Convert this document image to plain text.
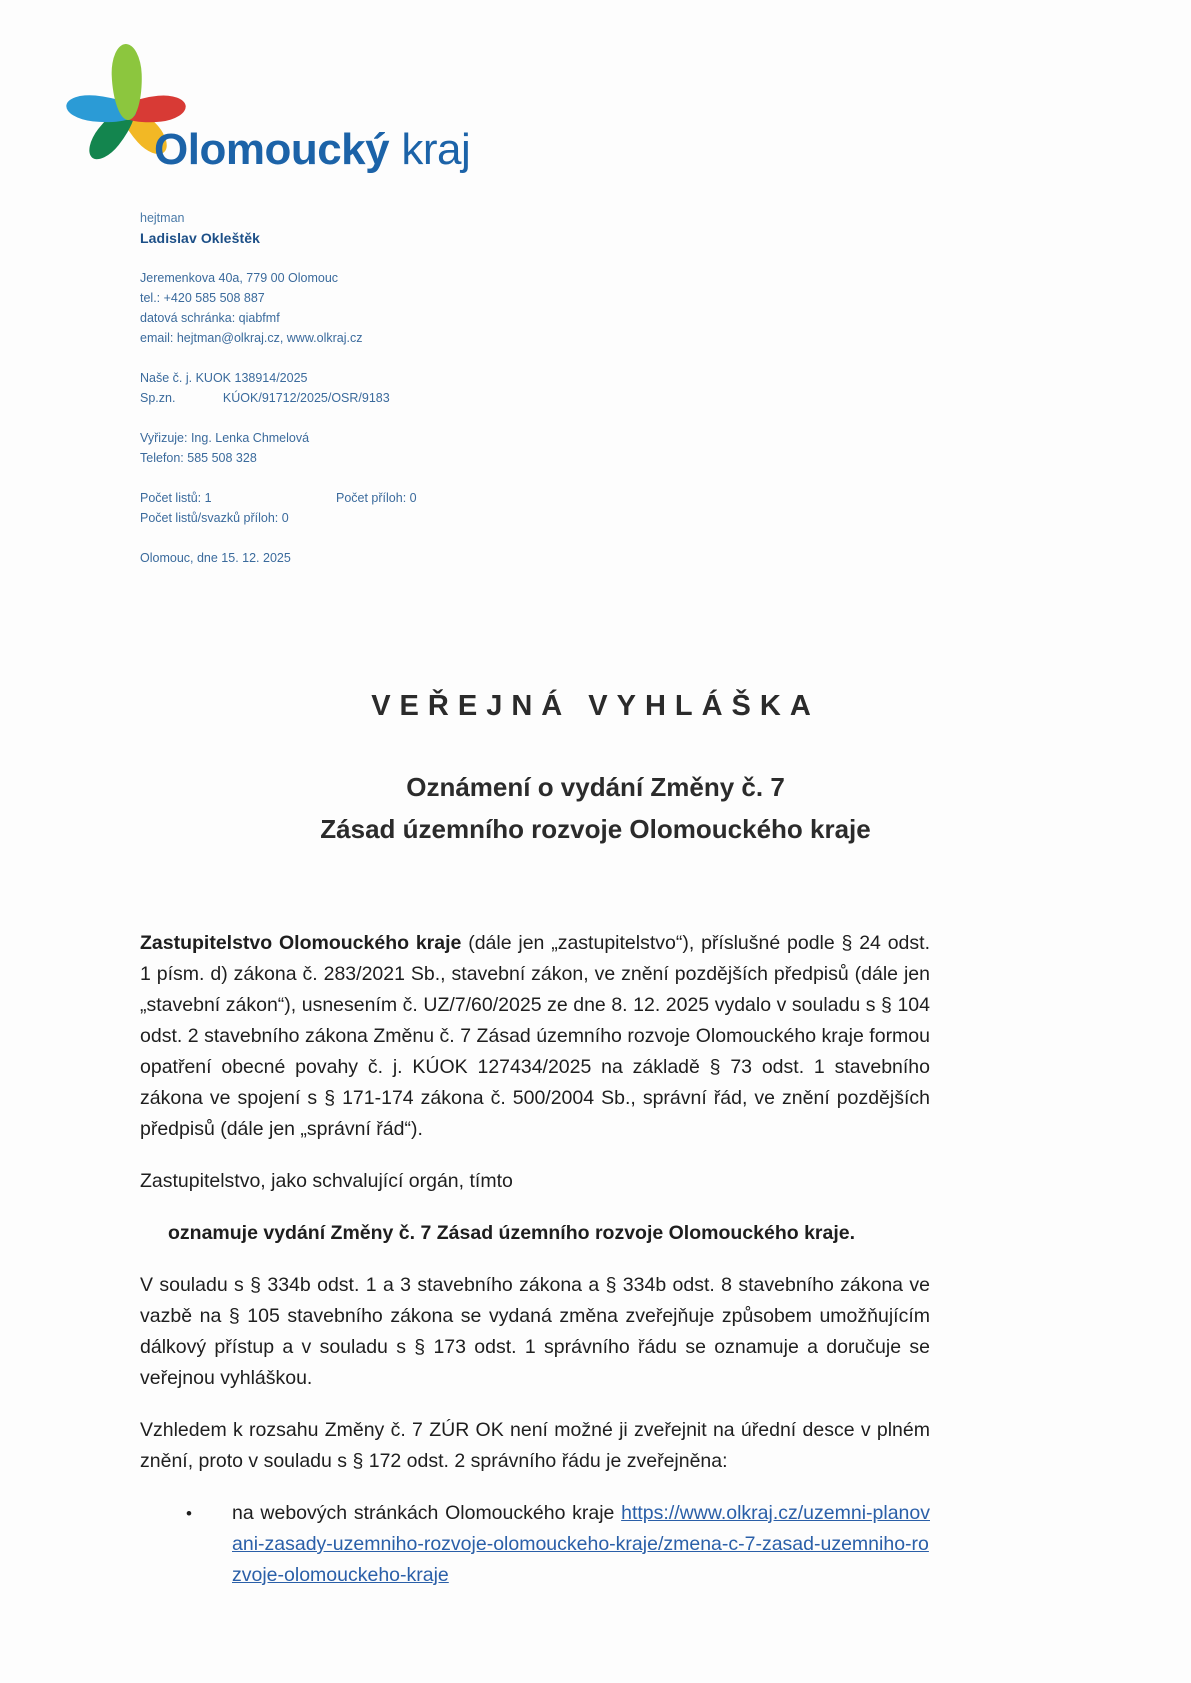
Olomoucký kraj
hejtman
Ladislav Okleštěk
Jeremenkova 40a, 779 00 Olomouc
tel.: +420 585 508 887
datová schránka: qiabfmf
email: hejtman@olkraj.cz, www.olkraj.cz
Naše č. j. KUOK 138914/2025
Sp.zn.	KÚOK/91712/2025/OSR/9183
Vyřizuje: Ing. Lenka Chmelová
Telefon: 585 508 328
Počet listů: 1	Počet příloh: 0
Počet listů/svazků příloh: 0
Olomouc, dne 15. 12. 2025
VEŘEJNÁ VYHLÁŠKA
Oznámení o vydání Změny č. 7
Zásad územního rozvoje Olomouckého kraje

Zastupitelstvo Olomouckého kraje (dále jen „zastupitelstvo“), příslušné podle § 24 odst. 1 písm. d) zákona č. 283/2021 Sb., stavební zákon, ve znění pozdějších předpisů (dále jen „stavební zákon“), usnesením č. UZ/7/60/2025 ze dne 8. 12. 2025 vydalo v souladu s § 104 odst. 2 stavebního zákona Změnu č. 7 Zásad územního rozvoje Olomouckého kraje formou opatření obecné povahy č. j. KÚOK 127434/2025 na základě § 73 odst. 1 stavebního zákona ve spojení s § 171-174 zákona č. 500/2004 Sb., správní řád, ve znění pozdějších předpisů (dále jen „správní řád“).

Zastupitelstvo, jako schvalující orgán, tímto

oznamuje vydání Změny č. 7 Zásad územního rozvoje Olomouckého kraje.

V souladu s § 334b odst. 1 a 3 stavebního zákona a § 334b odst. 8 stavebního zákona ve vazbě na § 105 stavebního zákona se vydaná změna zveřejňuje způsobem umožňujícím dálkový přístup a v souladu s § 173 odst. 1 správního řádu se oznamuje a doručuje se veřejnou vyhláškou.

Vzhledem k rozsahu Změny č. 7 ZÚR OK není možné ji zveřejnit na úřední desce v plném znění, proto v souladu s § 172 odst. 2 správního řádu je zveřejněna:

• na webových stránkách Olomouckého kraje https://www.olkraj.cz/uzemni-planovani-zasady-uzemniho-rozvoje-olomouckeho-kraje/zmena-c-7-zasad-uzemniho-rozvoje-olomouckeho-kraje
